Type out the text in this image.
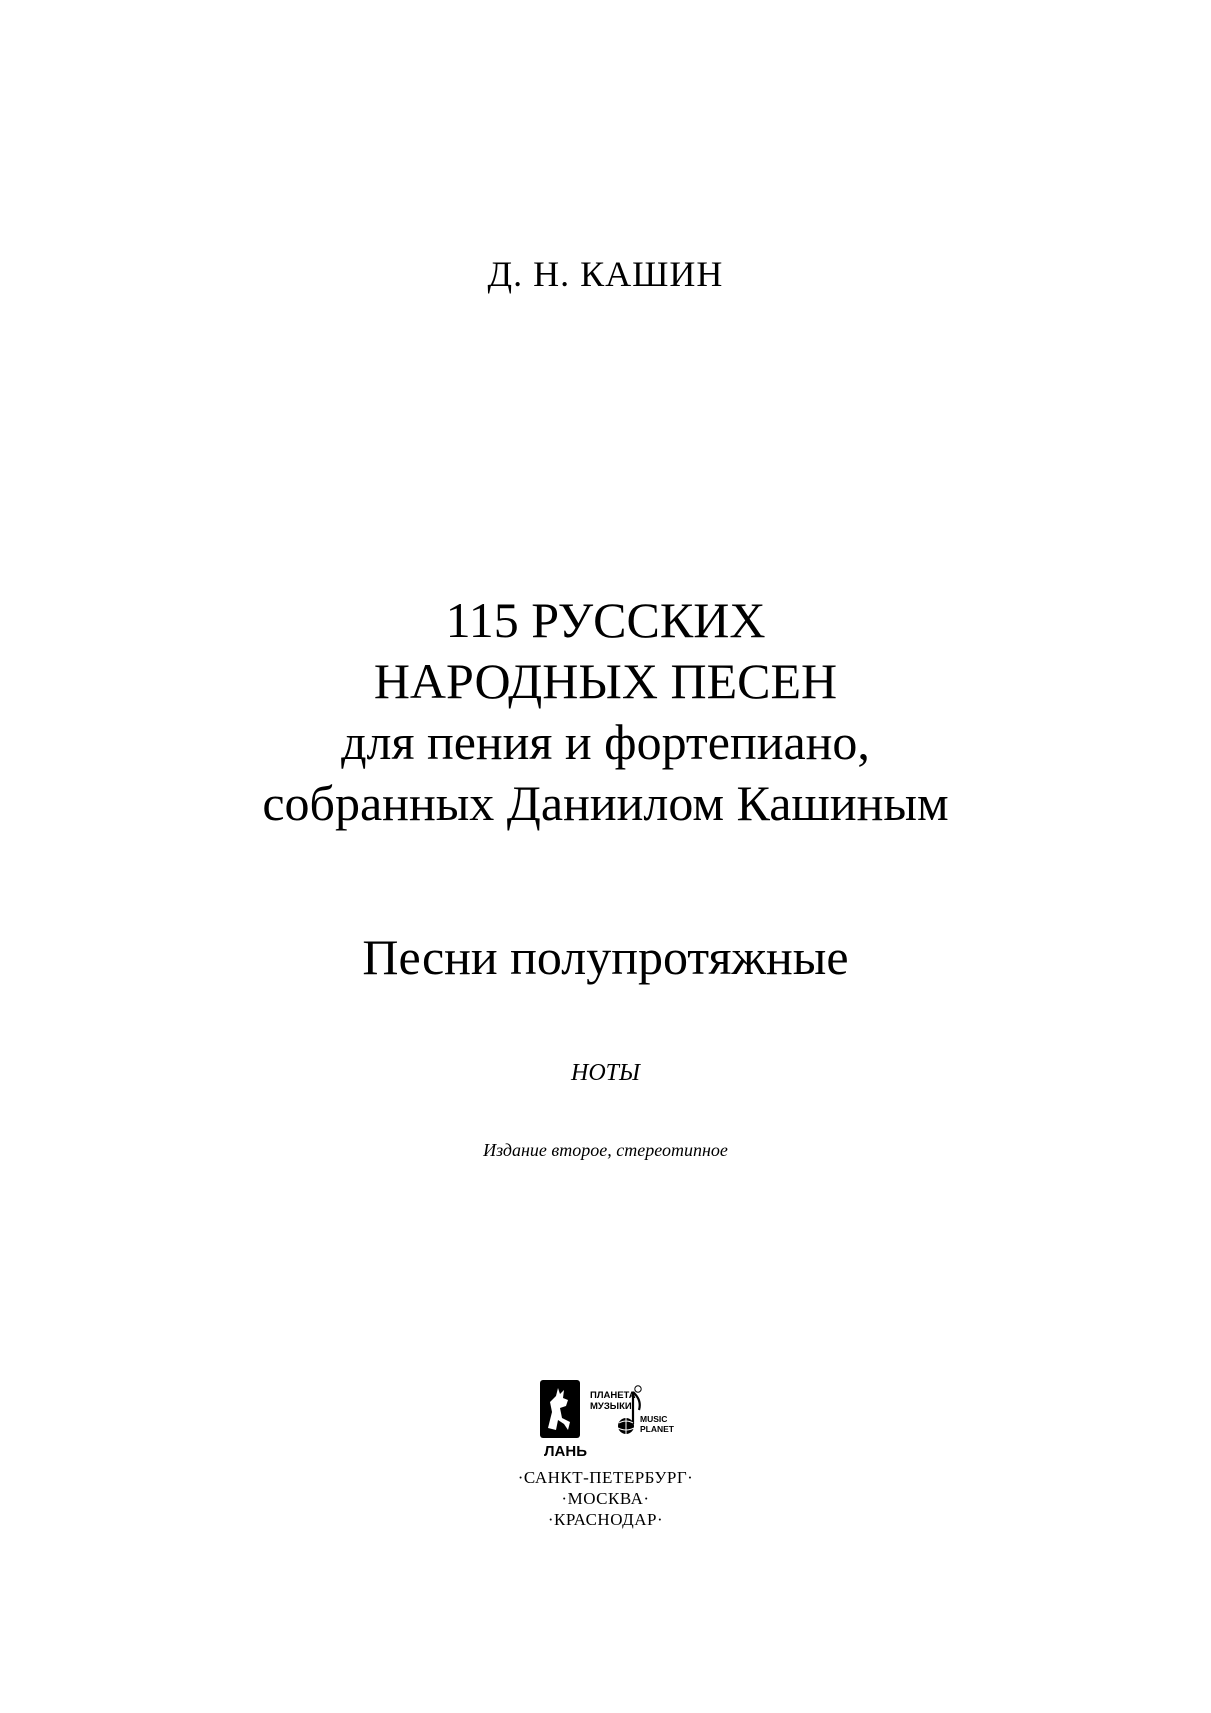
Д. Н. КАШИН
115 РУССКИХ
НАРОДНЫХ ПЕСЕН
для пения и фортепиано,
собранных Даниилом Кашиным
Песни полупротяжные
НОТЫ
Издание второе, стереотипное
ЛАНЬ
ПЛАНЕТА
МУЗЫКИ
MUSIC
PLANET
·САНКТ-ПЕТЕРБУРГ·
·МОСКВА·
·КРАСНОДАР·
